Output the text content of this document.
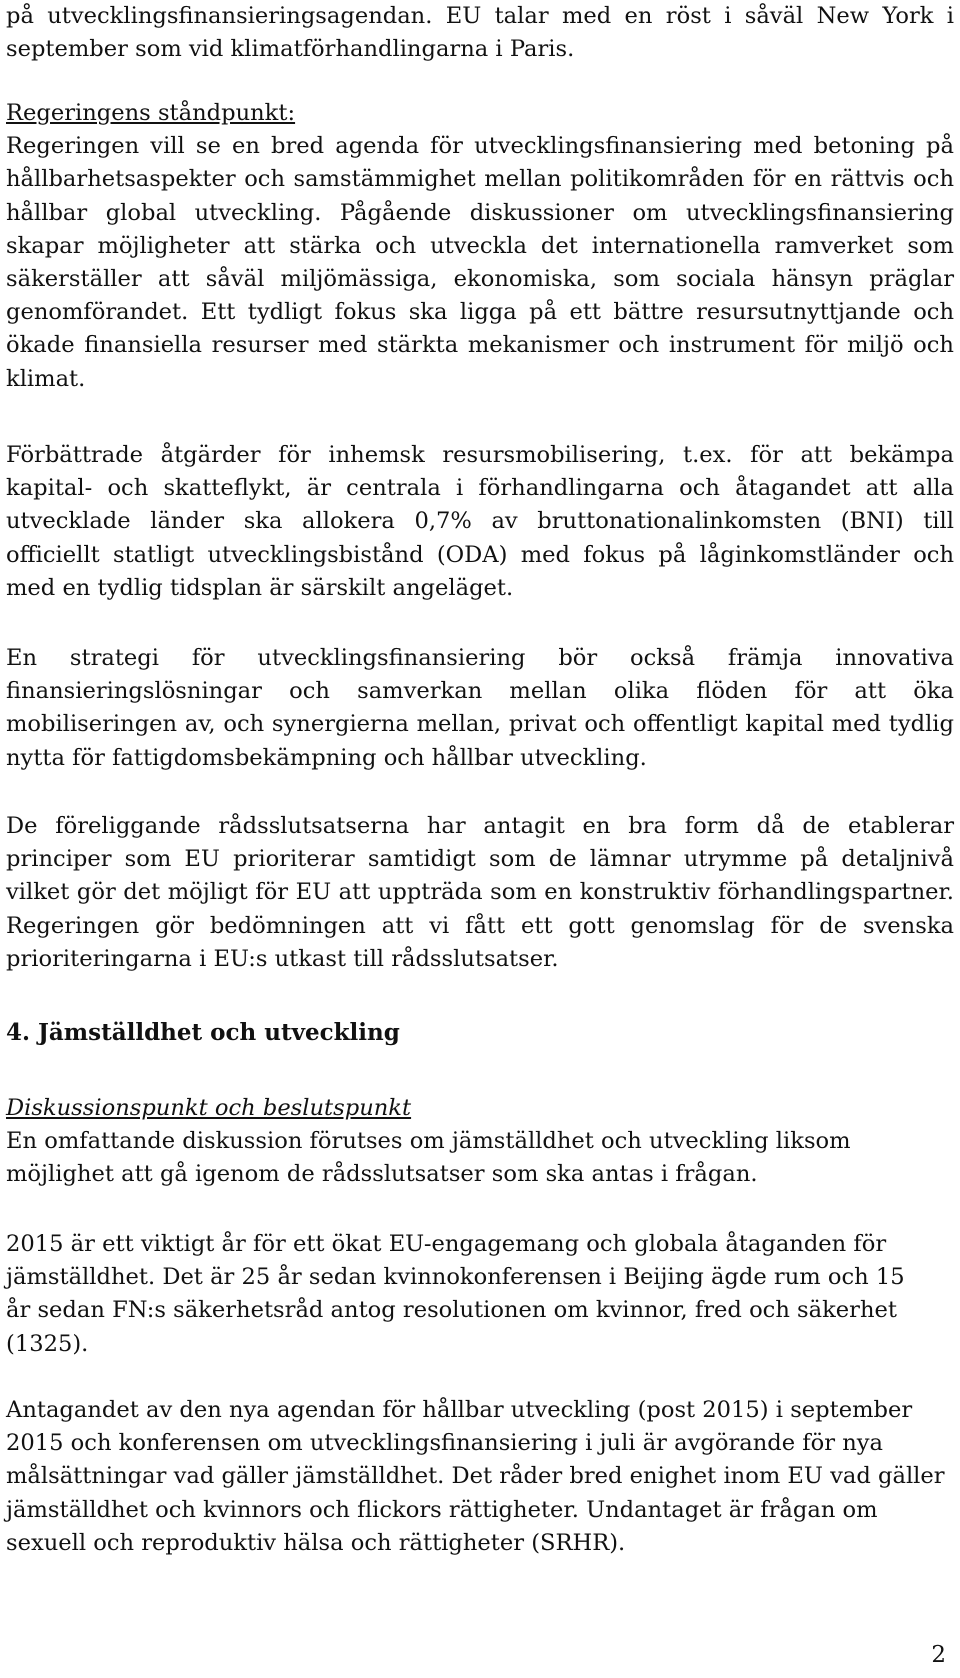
på utvecklingsfinansieringsagendan. EU talar med en röst i såväl New York i september som vid klimatförhandlingarna i Paris.

Regeringens ståndpunkt:

Regeringen vill se en bred agenda för utvecklingsfinansiering med betoning på hållbarhetsaspekter och samstämmighet mellan politikområden för en rättvis och hållbar global utveckling. Pågående diskussioner om utvecklingsfinansiering skapar möjligheter att stärka och utveckla det internationella ramverket som säkerställer att såväl miljömässiga, ekonomiska, som sociala hänsyn präglar genomförandet. Ett tydligt fokus ska ligga på ett bättre resursutnyttjande och ökade finansiella resurser med stärkta mekanismer och instrument för miljö och klimat.

Förbättrade åtgärder för inhemsk resursmobilisering, t.ex. för att bekämpa kapital- och skatteflykt, är centrala i förhandlingarna och åtagandet att alla utvecklade länder ska allokera 0,7% av bruttonationalinkomsten (BNI) till officiellt statligt utvecklingsbistånd (ODA) med fokus på låginkomstländer och med en tydlig tidsplan är särskilt angeläget.

En strategi för utvecklingsfinansiering bör också främja innovativa finansieringslösningar och samverkan mellan olika flöden för att öka mobiliseringen av, och synergierna mellan, privat och offentligt kapital med tydlig nytta för fattigdomsbekämpning och hållbar utveckling.

De föreliggande rådsslutsatserna har antagit en bra form då de etablerar principer som EU prioriterar samtidigt som de lämnar utrymme på detaljnivå vilket gör det möjligt för EU att uppträda som en konstruktiv förhandlingspartner. Regeringen gör bedömningen att vi fått ett gott genomslag för de svenska prioriteringarna i EU:s utkast till rådsslutsatser.

4. Jämställdhet och utveckling

Diskussionspunkt och beslutspunkt

En omfattande diskussion förutses om jämställdhet och utveckling liksom möjlighet att gå igenom de rådsslutsatser som ska antas i frågan.

2015 är ett viktigt år för ett ökat EU-engagemang och globala åtaganden för jämställdhet. Det är 25 år sedan kvinnokonferensen i Beijing ägde rum och 15 år sedan FN:s säkerhetsråd antog resolutionen om kvinnor, fred och säkerhet (1325).

Antagandet av den nya agendan för hållbar utveckling (post 2015) i september 2015 och konferensen om utvecklingsfinansiering i juli är avgörande för nya målsättningar vad gäller jämställdhet. Det råder bred enighet inom EU vad gäller jämställdhet och kvinnors och flickors rättigheter. Undantaget är frågan om sexuell och reproduktiv hälsa och rättigheter (SRHR).

2
